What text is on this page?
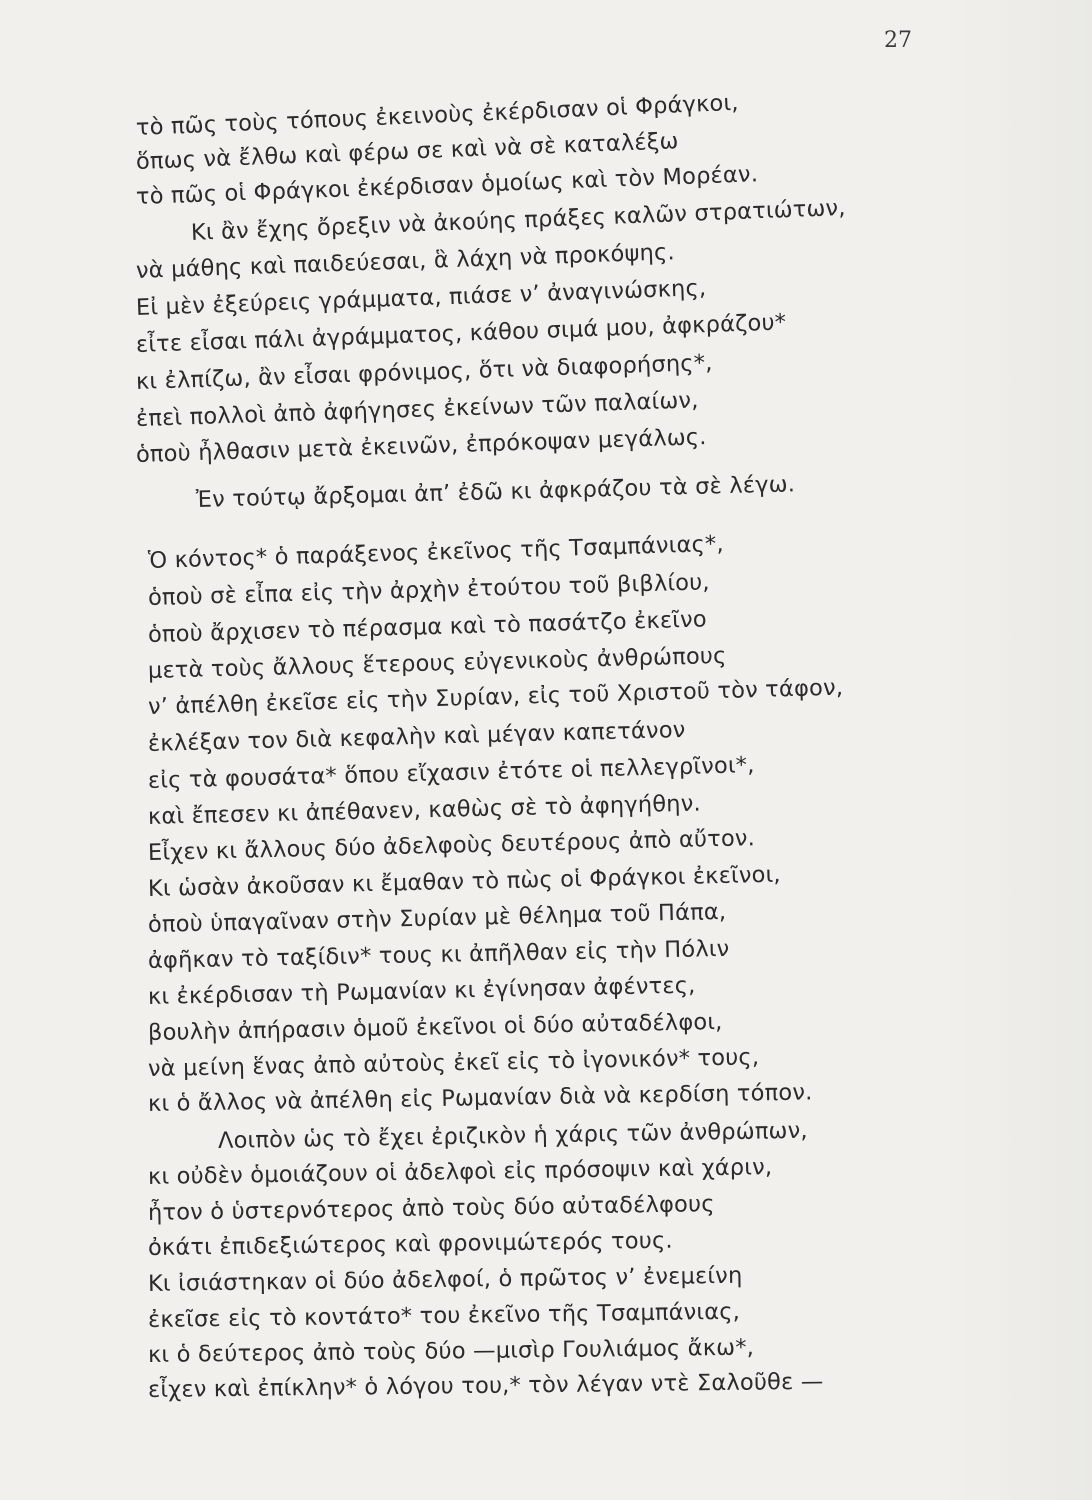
27
τὸ πῶς τοὺς τόπους ἐκεινοὺς ἐκέρδισαν οἱ Φράγκοι,
ὅπως νὰ ἔλθω καὶ φέρω σε καὶ νὰ σὲ καταλέξω
τὸ πῶς οἱ Φράγκοι ἐκέρδισαν ὁμοίως καὶ τὸν Μορέαν.
Κι ἂν ἔχης ὄρεξιν νὰ ἀκούης πράξες καλῶν στρατιώτων,
νὰ μάθης καὶ παιδεύεσαι, ἃ λάχη νὰ προκόψης.
Εἰ μὲν ἐξεύρεις γράμματα, πιάσε ν’ ἀναγινώσκης,
εἶτε εἶσαι πάλι ἀγράμματος, κάθου σιμά μου, ἀφκράζου*
κι ἐλπίζω, ἂν εἶσαι φρόνιμος, ὅτι νὰ διαφορήσης*,
ἐπεὶ πολλοὶ ἀπὸ ἀφήγησες ἐκείνων τῶν παλαίων,
ὁποὺ ἦλθασιν μετὰ ἐκεινῶν, ἐπρόκοψαν μεγάλως.
Ἐν τούτῳ ἄρξομαι ἀπ’ ἐδῶ κι ἀφκράζου τὰ σὲ λέγω.
Ὁ κόντος* ὁ παράξενος ἐκεῖνος τῆς Τσαμπάνιας*,
ὁποὺ σὲ εἶπα εἰς τὴν ἀρχὴν ἐτούτου τοῦ βιβλίου,
ὁποὺ ἄρχισεν τὸ πέρασμα καὶ τὸ πασάτζο ἐκεῖνο
μετὰ τοὺς ἄλλους ἕτερους εὐγενικοὺς ἀνθρώπους
ν’ ἀπέλθη ἐκεῖσε εἰς τὴν Συρίαν, εἰς τοῦ Χριστοῦ τὸν τάφον,
ἐκλέξαν τον διὰ κεφαλὴν καὶ μέγαν καπετάνον
εἰς τὰ φουσάτα* ὅπου εἴχασιν ἐτότε οἱ πελλεγρῖνοι*,
καὶ ἔπεσεν κι ἀπέθανεν, καθὼς σὲ τὸ ἀφηγήθην.
Εἶχεν κι ἄλλους δύο ἀδελφοὺς δευτέρους ἀπὸ αὔτον.
Κι ὡσὰν ἀκοῦσαν κι ἔμαθαν τὸ πὼς οἱ Φράγκοι ἐκεῖνοι,
ὁποὺ ὑπαγαῖναν στὴν Συρίαν μὲ θέλημα τοῦ Πάπα,
ἀφῆκαν τὸ ταξίδιν* τους κι ἀπῆλθαν εἰς τὴν Πόλιν
κι ἐκέρδισαν τὴ Ρωμανίαν κι ἐγίνησαν ἀφέντες,
βουλὴν ἀπήρασιν ὁμοῦ ἐκεῖνοι οἱ δύο αὐταδέλφοι,
νὰ μείνη ἕνας ἀπὸ αὐτοὺς ἐκεῖ εἰς τὸ ἰγονικόν* τους,
κι ὁ ἄλλος νὰ ἀπέλθη εἰς Ρωμανίαν διὰ νὰ κερδίση τόπον.
Λοιπὸν ὡς τὸ ἔχει ἐριζικὸν ἡ χάρις τῶν ἀνθρώπων,
κι οὐδὲν ὁμοιάζουν οἱ ἀδελφοὶ εἰς πρόσοψιν καὶ χάριν,
ἦτον ὁ ὑστερνότερος ἀπὸ τοὺς δύο αὐταδέλφους
ὀκάτι ἐπιδεξιώτερος καὶ φρονιμώτερός τους.
Κι ἰσιάστηκαν οἱ δύο ἀδελφοί, ὁ πρῶτος ν’ ἐνεμείνη
ἐκεῖσε εἰς τὸ κοντάτο* του ἐκεῖνο τῆς Τσαμπάνιας,
κι ὁ δεύτερος ἀπὸ τοὺς δύο —μισὶρ Γουλιάμος ἄκω*,
εἶχεν καὶ ἐπίκλην* ὁ λόγου του,* τὸν λέγαν ντὲ Σαλοῦθε —
